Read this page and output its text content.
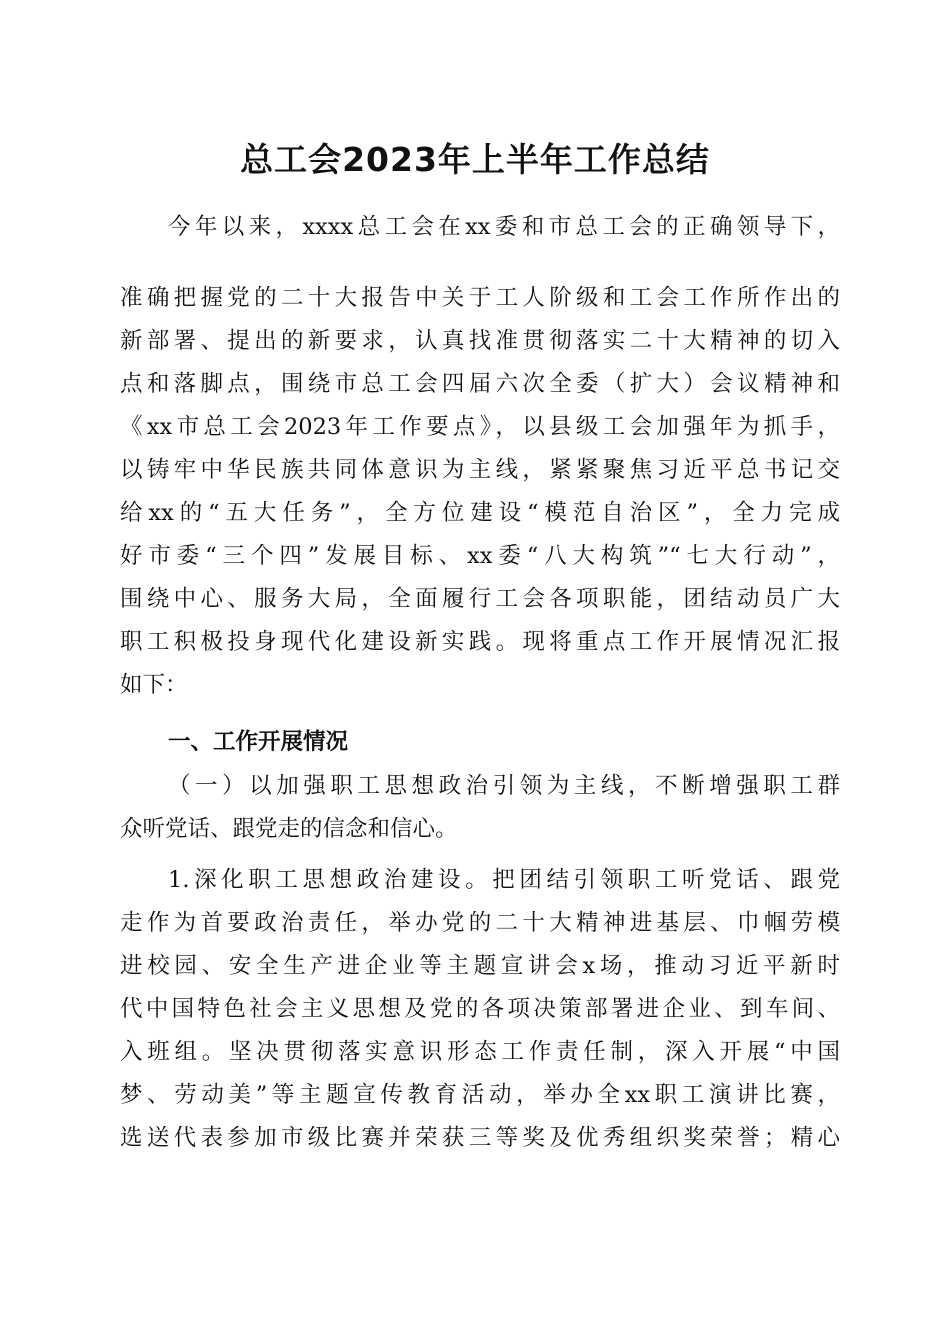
总工会2023年上半年工作总结

今年以来，xxxx总工会在xx委和市总工会的正确领导下，

准确把握党的二十大报告中关于工人阶级和工会工作所作出的

新部署、提出的新要求，认真找准贯彻落实二十大精神的切入

点和落脚点，围绕市总工会四届六次全委（扩大）会议精神和

《xx市总工会2023年工作要点》，以县级工会加强年为抓手，

以铸牢中华民族共同体意识为主线，紧紧聚焦习近平总书记交

给xx的“五大任务”，全方位建设“模范自治区”，全力完成

好市委“三个四”发展目标、xx委“八大构筑”“七大行动”，

围绕中心、服务大局，全面履行工会各项职能，团结动员广大

职工积极投身现代化建设新实践。现将重点工作开展情况汇报

如下：

一、工作开展情况

（一）以加强职工思想政治引领为主线，不断增强职工群

众听党话、跟党走的信念和信心。

1.深化职工思想政治建设。把团结引领职工听党话、跟党

走作为首要政治责任，举办党的二十大精神进基层、巾帼劳模

进校园、安全生产进企业等主题宣讲会x场，推动习近平新时

代中国特色社会主义思想及党的各项决策部署进企业、到车间、

入班组。坚决贯彻落实意识形态工作责任制，深入开展“中国

梦、劳动美”等主题宣传教育活动，举办全xx职工演讲比赛，

选送代表参加市级比赛并荣获三等奖及优秀组织奖荣誉；精心
